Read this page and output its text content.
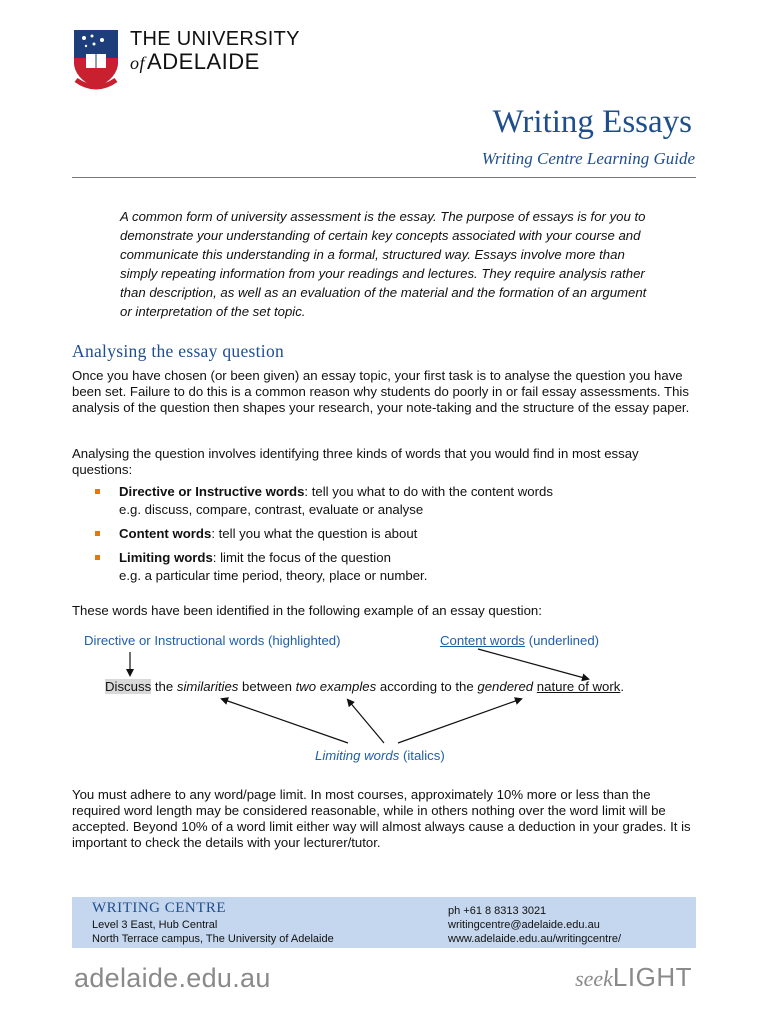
THE UNIVERSITY
ofADELAIDE
Writing Essays

Writing Centre Learning Guide

A common form of university assessment is the essay. The purpose of essays is for you to demonstrate your understanding of certain key concepts associated with your course and communicate this understanding in a formal, structured way. Essays involve more than simply repeating information from your readings and lectures. They require analysis rather than description, as well as an evaluation of the material and the formation of an argument or interpretation of the set topic.

Analysing the essay question

Once you have chosen (or been given) an essay topic, your first task is to analyse the question you have been set. Failure to do this is a common reason why students do poorly in or fail essay assessments. This analysis of the question then shapes your research, your note-taking and the structure of the essay paper.

Analysing the question involves identifying three kinds of words that you would find in most essay questions:

Directive or Instructive words: tell you what to do with the content words
e.g. discuss, compare, contrast, evaluate or analyse
Content words: tell you what the question is about
Limiting words: limit the focus of the question
e.g. a particular time period, theory, place or number.

These words have been identified in the following example of an essay question:

Directive or Instructional words (highlighted)	Content words (underlined)

Discuss the similarities between two examples according to the gendered nature of work.

Limiting words (italics)

You must adhere to any word/page limit. In most courses, approximately 10% more or less than the required word length may be considered reasonable, while in others nothing over the word limit will be accepted. Beyond 10% of a word limit either way will almost always cause a deduction in your grades. It is important to check the details with your lecturer/tutor.

WRITING CENTRE

Level 3 East, Hub Central

North Terrace campus, The University of Adelaide

ph +61 8 8313 3021

writingcentre@adelaide.edu.au

www.adelaide.edu.au/writingcentre/

adelaide.edu.au	seekLIGHT
